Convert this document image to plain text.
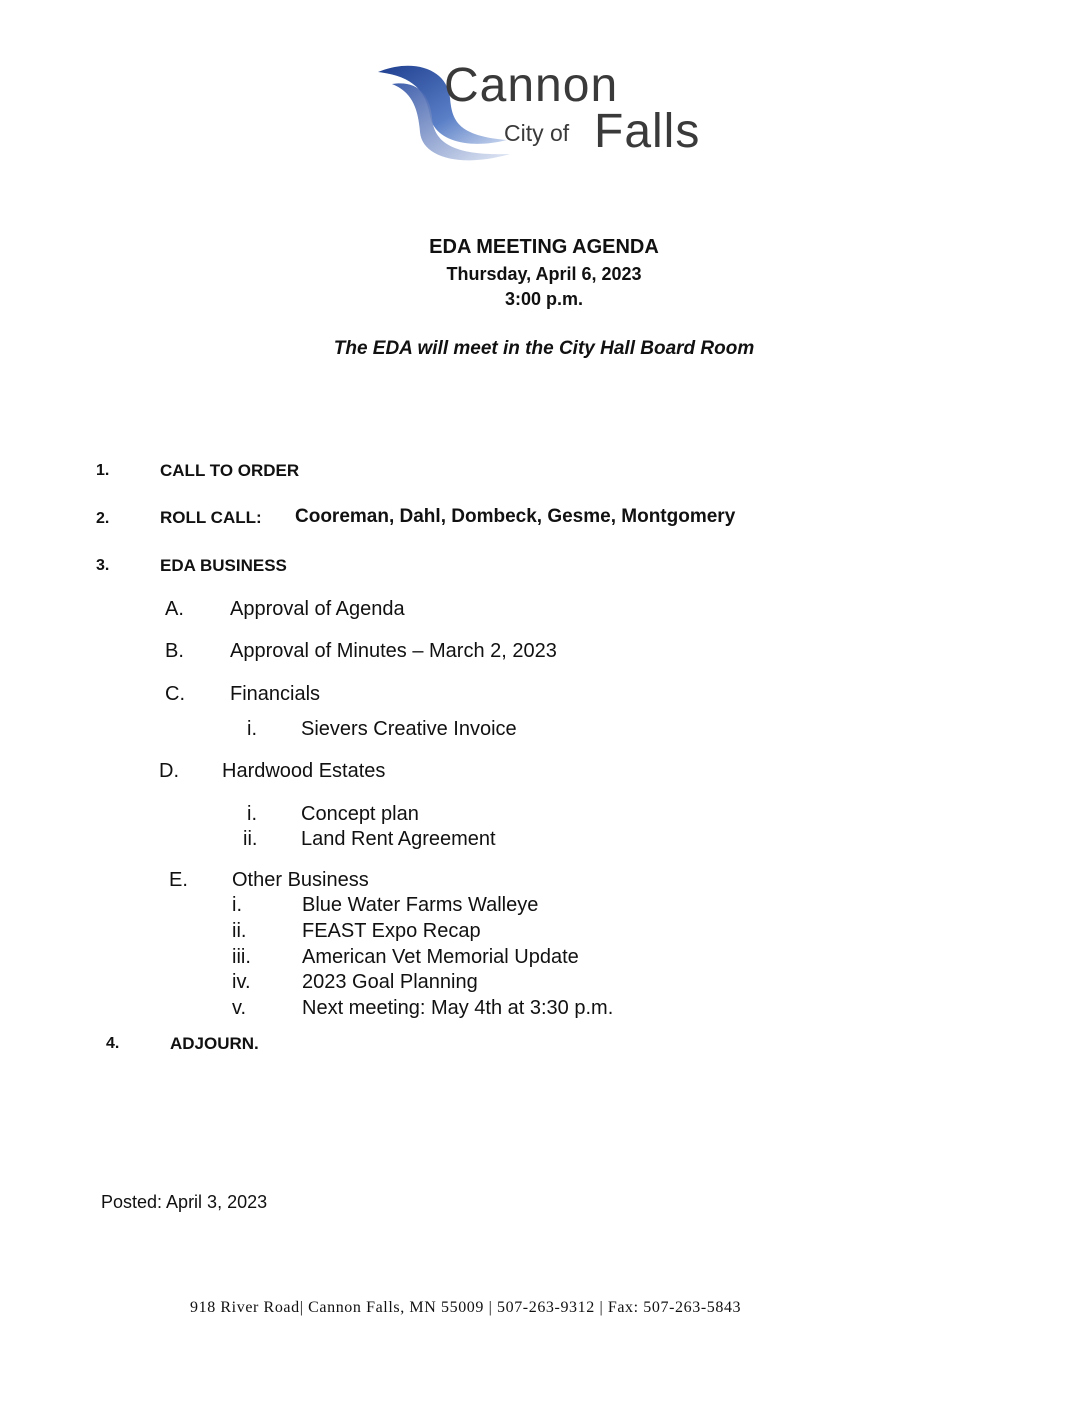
Cannon
City of Falls
EDA MEETING AGENDA
Thursday, April 6, 2023
3:00 p.m.
The EDA will meet in the City Hall Board Room
1.	CALL TO ORDER
2.	ROLL CALL: Cooreman, Dahl, Dombeck, Gesme, Montgomery
3.	EDA BUSINESS
A. Approval of Agenda
B. Approval of Minutes – March 2, 2023
C. Financials
i. Sievers Creative Invoice
D. Hardwood Estates
i. Concept plan
ii. Land Rent Agreement
E. Other Business
i.	Blue Water Farms Walleye
ii.	FEAST Expo Recap
iii.	American Vet Memorial Update
iv.	2023 Goal Planning
v.	Next meeting: May 4th at 3:30 p.m.
4.	ADJOURN.
Posted: April 3, 2023
918 River Road| Cannon Falls, MN 55009 | 507-263-9312 | Fax: 507-263-5843
